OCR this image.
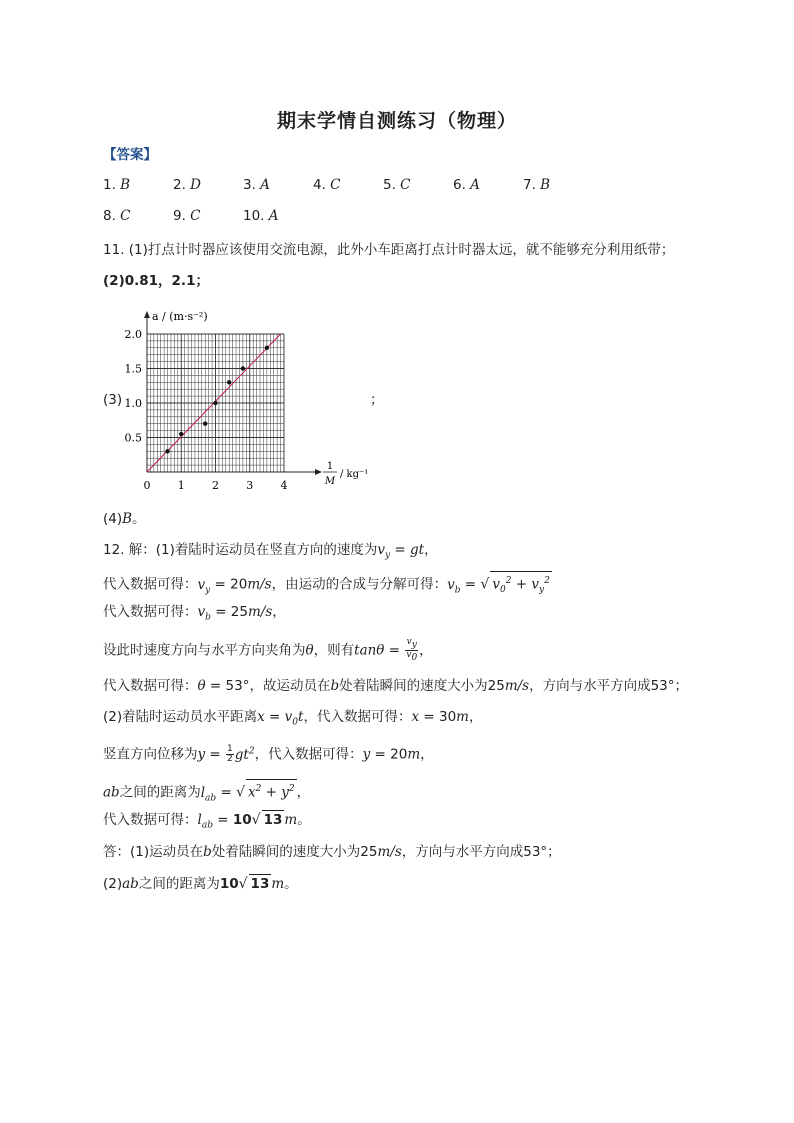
期末学情自测练习（物理）
【答案】
1. B	2. D	3. A	4. C	5. C	6. A	7. B
8. C	9. C	10. A
11. (1)打点计时器应该使用交流电源，此外小车距离打点计时器太远，就不能够充分利用纸带；
(2)0.81，2.1；
(3)	；
0 1 2 3 4
0.5
1.0
1.5
2.0
a / (m·s⁻²)
1
M
/ kg⁻¹
(4)B。
12. 解：(1)着陆时运动员在竖直方向的速度为$v_y$ = gt，
代入数据可得：$v_y = 20m/s$，由运动的合成与分解可得：$v_b$ = √ $v_0^2 + v_y^2$
代入数据可得：$v_b = 25m/s$，
设此时速度方向与水平方向夹角为θ，则有$\tan\theta = \frac{v_y}{v_0}$ ，
代入数据可得：θ = 53°，故运动员在b处着陆瞬间的速度大小为25m/s，方向与水平方向成53°；
(2)着陆时运动员水平距离$x = v_0t$，代入数据可得：x = 30m，
竖直方向位移为$y = \frac{1}{2} gt^2$，代入数据可得：y = 20m，
ab之间的距离为$l_{ab}$ = √ $x^2 + y^2$ ，
代入数据可得：$l_{ab} = 10√$ 13 m。
答：(1)运动员在b处着陆瞬间的速度大小为25m/s，方向与水平方向成53°；
(2)ab之间的距离为10√ 13 m。
